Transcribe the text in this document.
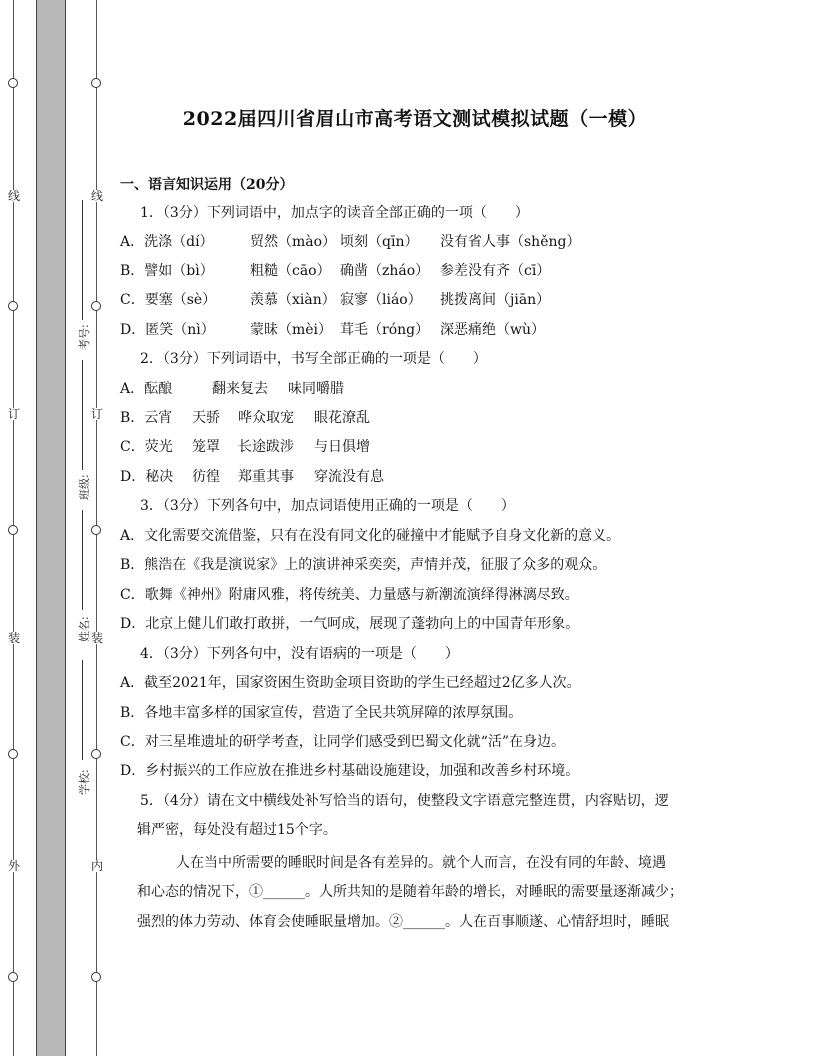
线
订
装
外
线
订
装
内
考号:
班级:
姓名:
学校:
2022届四川省眉山市高考语文测试模拟试题（一模）
一、语言知识运用（20分）
1．（3分）下列词语中，加点字的读音全部正确的一项（　　）
A．洗涤（dí）	贸然（mào） 顷刻（qīn） 没有省人事（shěng）
B．譬如（bì）	粗糙（cāo） 确凿（zháo） 参差没有齐（cī）
C．要塞（sè） 羡慕（xiàn） 寂寥（liáo） 挑拨离间（jiān）
D．匿笑（nì）	蒙昧（mèi） 茸毛（róng） 深恶痛绝（wù）
2．（3分）下列词语中，书写全部正确的一项是（　　）
A．酝酿	翻来复去 味同嚼腊
B．云宵 天骄 哗众取宠 眼花潦乱
C．荧光 笼罩 长途跋涉 与日俱增
D．秘决 彷徨 郑重其事 穿流没有息
3．（3分）下列各句中，加点词语使用正确的一项是（　　）
A．文化需要交流借鉴，只有在没有同文化的碰撞中才能赋予自身文化新的意义。
B．熊浩在《我是演说家》上的演讲神采奕奕，声情并茂，征服了众多的观众。
C．歌舞《神州》附庸风雅，将传统美、力量感与新潮流演绎得淋漓尽致。
D．北京上健儿们敢打敢拼，一气呵成，展现了蓬勃向上的中国青年形象。
4．（3分）下列各句中，没有语病的一项是（　　）
A．截至2021年，国家资困生资助金项目资助的学生已经超过2亿多人次。
B．各地丰富多样的国家宣传，营造了全民共筑屏障的浓厚氛围。
C．对三星堆遗址的研学考查，让同学们感受到巴蜀文化就“活”在身边。
D．乡村振兴的工作应放在推进乡村基础设施建设，加强和改善乡村环境。
5．（4分）请在文中横线处补写恰当的语句，使整段文字语意完整连贯，内容贴切，逻
辑严密，每处没有超过15个字。
人在当中所需要的睡眠时间是各有差异的。就个人而言，在没有同的年龄、境遇
和心态的情况下，①______。人所共知的是随着年龄的增长，对睡眠的需要量逐渐减少；
强烈的体力劳动、体育会使睡眠量增加。②______。人在百事顺遂、心情舒坦时，睡眠
